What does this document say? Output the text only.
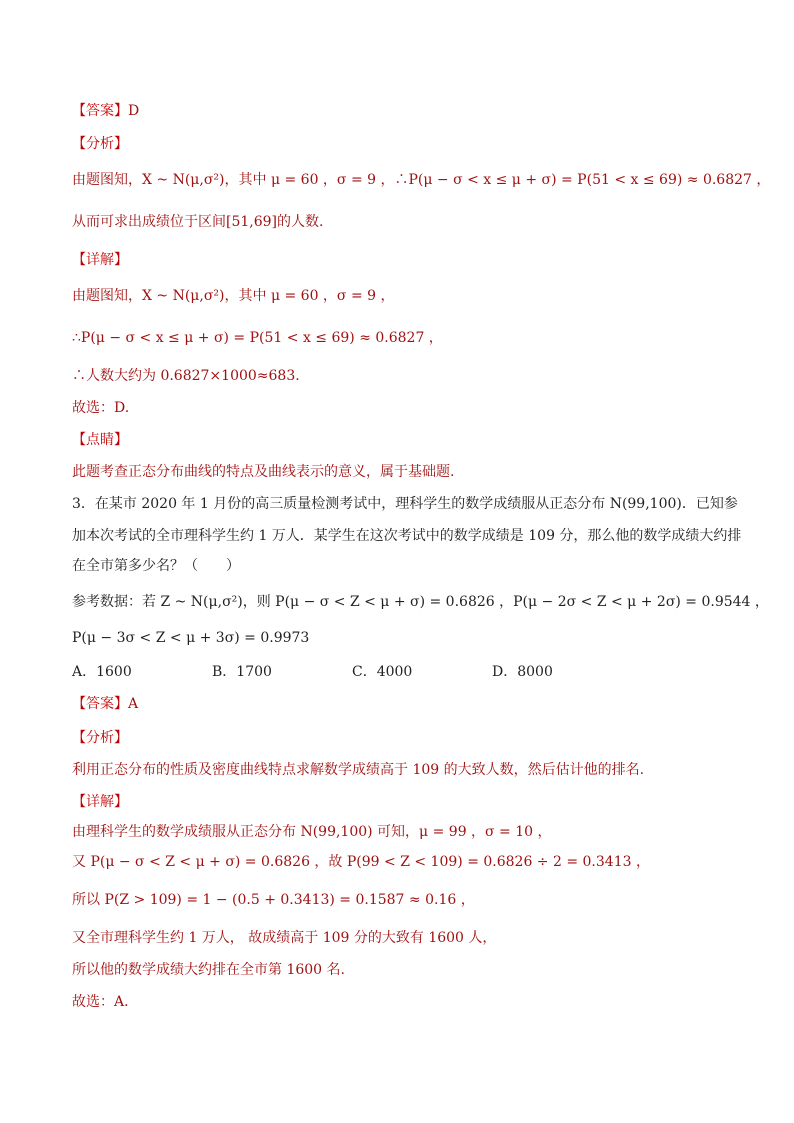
【答案】D
【分析】
由题图知，X ~ N(μ,σ²)，其中 μ = 60 ，σ = 9 ，∴P(μ − σ < x ≤ μ + σ) = P(51 < x ≤ 69) ≈ 0.6827 ，
从而可求出成绩位于区间[51,69]的人数.
【详解】
由题图知，X ~ N(μ,σ²)，其中 μ = 60 ，σ = 9 ，
∴P(μ − σ < x ≤ μ + σ) = P(51 < x ≤ 69) ≈ 0.6827 ，
∴人数大约为 0.6827×1000≈683.
故选：D.
【点睛】
此题考查正态分布曲线的特点及曲线表示的意义，属于基础题.
3．在某市 2020 年 1 月份的高三质量检测考试中，理科学生的数学成绩服从正态分布 N(99,100)．已知参
加本次考试的全市理科学生约 1 万人．某学生在这次考试中的数学成绩是 109 分，那么他的数学成绩大约排
在全市第多少名？（　　）
参考数据：若 Z ~ N(μ,σ²)，则 P(μ − σ < Z < μ + σ) = 0.6826 ，P(μ − 2σ < Z < μ + 2σ) = 0.9544 ，
P(μ − 3σ < Z < μ + 3σ) = 0.9973
A．1600	B．1700	C．4000	D．8000
【答案】A
【分析】
利用正态分布的性质及密度曲线特点求解数学成绩高于 109 的大致人数，然后估计他的排名.
【详解】
由理科学生的数学成绩服从正态分布 N(99,100) 可知，μ = 99 ，σ = 10 ，
又 P(μ − σ < Z < μ + σ) = 0.6826 ，故 P(99 < Z < 109) = 0.6826 ÷ 2 = 0.3413 ，
所以 P(Z > 109) = 1 − (0.5 + 0.3413) = 0.1587 ≈ 0.16 ，
又全市理科学生约 1 万人， 故成绩高于 109 分的大致有 1600 人，
所以他的数学成绩大约排在全市第 1600 名.
故选：A.
